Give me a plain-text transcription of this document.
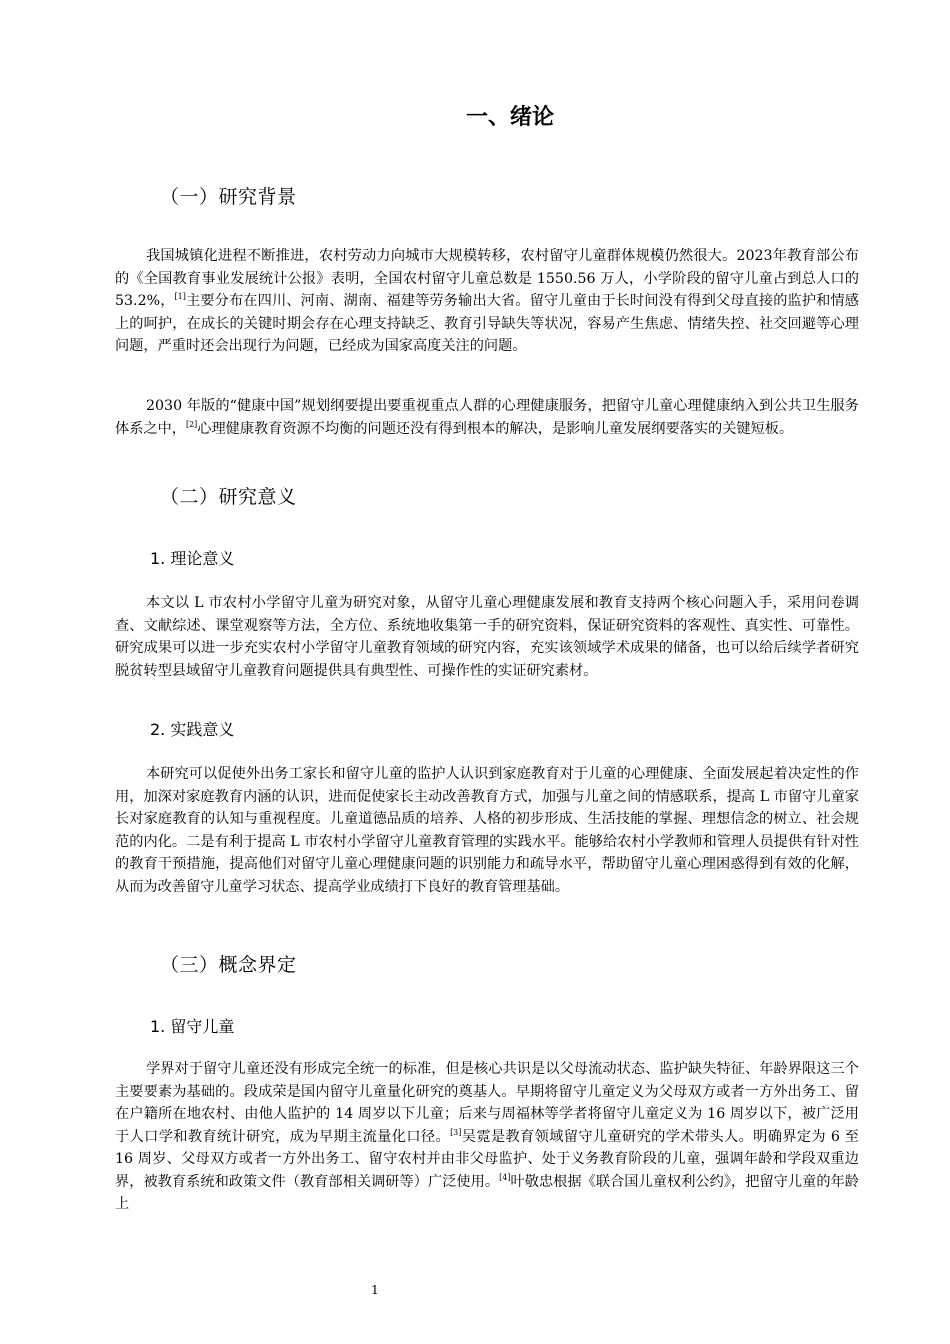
一、绪论
（一）研究背景

我国城镇化进程不断推进，农村劳动力向城市大规模转移，农村留守儿童群体规模仍然很大。2023年教育部公布的《全国教育事业发展统计公报》表明，全国农村留守儿童总数是 1550.56 万人，小学阶段的留守儿童占到总人口的 53.2%，[1]主要分布在四川、河南、湖南、福建等劳务输出大省。留守儿童由于长时间没有得到父母直接的监护和情感上的呵护，在成长的关键时期会存在心理支持缺乏、教育引导缺失等状况，容易产生焦虑、情绪失控、社交回避等心理问题，严重时还会出现行为问题，已经成为国家高度关注的问题。

2030 年版的“健康中国”规划纲要提出要重视重点人群的心理健康服务，把留守儿童心理健康纳入到公共卫生服务体系之中，[2]心理健康教育资源不均衡的问题还没有得到根本的解决，是影响儿童发展纲要落实的关键短板。

（二）研究意义
1. 理论意义

本文以 L 市农村小学留守儿童为研究对象，从留守儿童心理健康发展和教育支持两个核心问题入手，采用问卷调查、文献综述、课堂观察等方法，全方位、系统地收集第一手的研究资料，保证研究资料的客观性、真实性、可靠性。研究成果可以进一步充实农村小学留守儿童教育领域的研究内容，充实该领域学术成果的储备，也可以给后续学者研究脱贫转型县域留守儿童教育问题提供具有典型性、可操作性的实证研究素材。

2. 实践意义

本研究可以促使外出务工家长和留守儿童的监护人认识到家庭教育对于儿童的心理健康、全面发展起着决定性的作用，加深对家庭教育内涵的认识，进而促使家长主动改善教育方式，加强与儿童之间的情感联系，提高 L 市留守儿童家长对家庭教育的认知与重视程度。儿童道德品质的培养、人格的初步形成、生活技能的掌握、理想信念的树立、社会规范的内化。二是有利于提高 L 市农村小学留守儿童教育管理的实践水平。能够给农村小学教师和管理人员提供有针对性的教育干预措施，提高他们对留守儿童心理健康问题的识别能力和疏导水平，帮助留守儿童心理困惑得到有效的化解，从而为改善留守儿童学习状态、提高学业成绩打下良好的教育管理基础。

（三）概念界定
1. 留守儿童

学界对于留守儿童还没有形成完全统一的标准，但是核心共识是以父母流动状态、监护缺失特征、年龄界限这三个主要要素为基础的。段成荣是国内留守儿童量化研究的奠基人。早期将留守儿童定义为父母双方或者一方外出务工、留在户籍所在地农村、由他人监护的 14 周岁以下儿童；后来与周福林等学者将留守儿童定义为 16 周岁以下，被广泛用于人口学和教育统计研究，成为早期主流量化口径。[3]吴霓是教育领域留守儿童研究的学术带头人。明确界定为 6 至 16 周岁、父母双方或者一方外出务工、留守农村并由非父母监护、处于义务教育阶段的儿童，强调年龄和学段双重边界，被教育系统和政策文件（教育部相关调研等）广泛使用。[4]叶敬忠根据《联合国儿童权利公约》，把留守儿童的年龄上

1
